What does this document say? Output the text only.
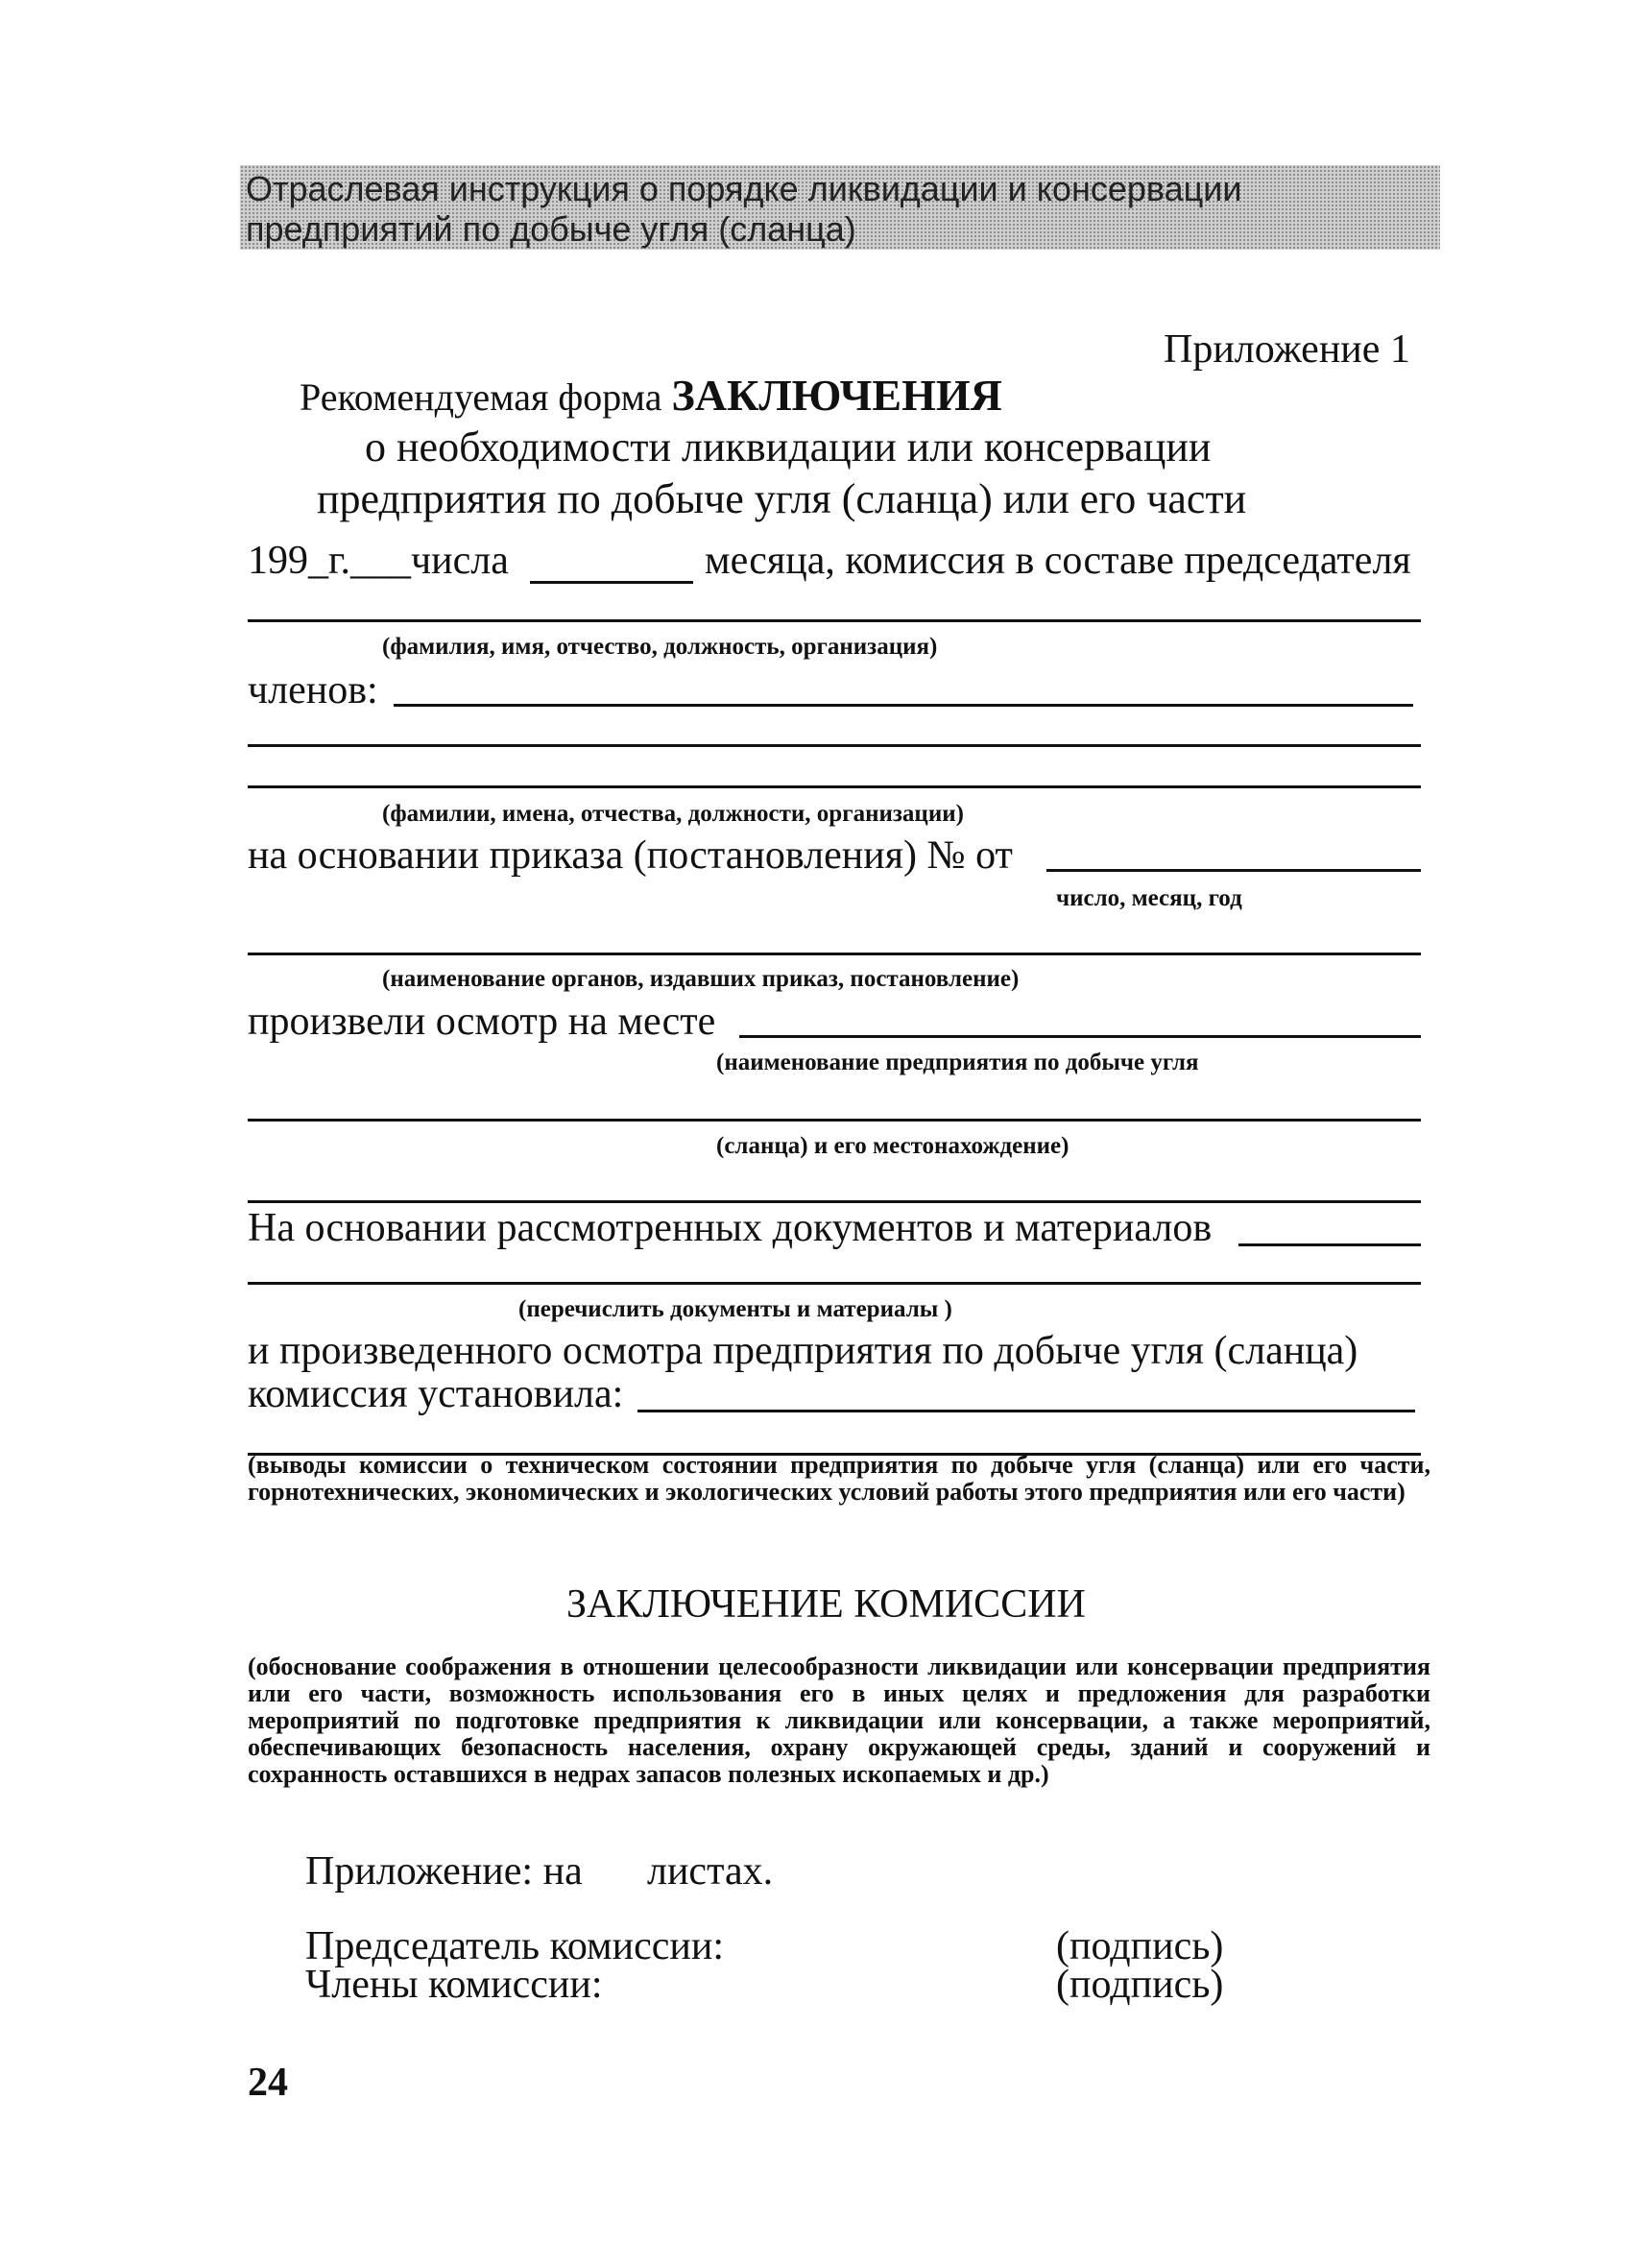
Отраслевая инструкция о порядке ликвидации и консервации
предприятий по добыче угля (сланца)
Приложение 1
Рекомендуемая форма ЗАКЛЮЧЕНИЯ
о необходимости ликвидации или консервации
предприятия по добыче угля (сланца) или его части
199_г.___числа	месяца, комиссия в составе председателя
(фамилия, имя, отчество, должность, организация)
членов:
(фамилии, имена, отчества, должности, организации)
на основании приказа (постановления) № от
число, месяц, год
(наименование органов, издавших приказ, постановление)
произвели осмотр на месте
(наименование предприятия по добыче угля
(сланца) и его местонахождение)
На основании рассмотренных документов и материалов
(перечислить документы и материалы )
и произведенного осмотра предприятия по добыче угля (сланца)
комиссия установила:
(выводы комиссии о техническом состоянии предприятия по добыче угля (сланца) или его части, горнотехнических, экономических и экологических условий работы этого предприятия или его части)
ЗАКЛЮЧЕНИЕ КОМИССИИ
(обоснование соображения в отношении целесообразности ликвидации или консервации предприятия или его части, возможность использования его в иных целях и предложения для разработки мероприятий по подготовке предприятия к ликвидации или консервации, а также мероприятий, обеспечивающих безопасность населения, охрану окружающей среды, зданий и сооружений и сохранность оставшихся в недрах запасов полезных ископаемых и др.)
Приложение: на листах.
Председатель комиссии:
Члены комиссии:
(подпись)
(подпись)
24
